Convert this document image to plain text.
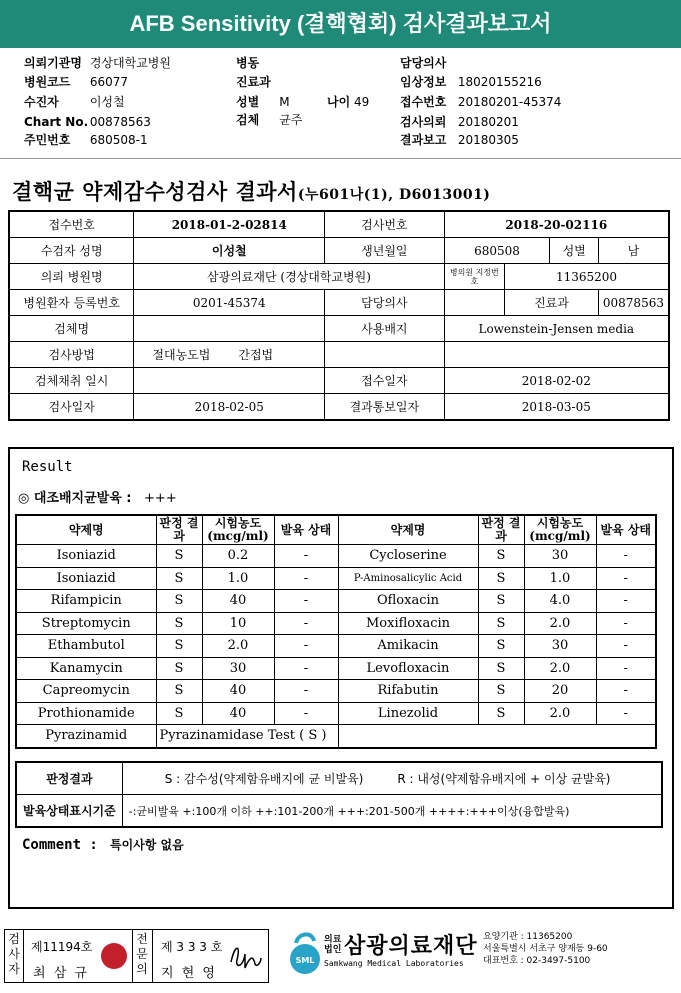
AFB Sensitivity (결핵협회) 검사결과보고서
의뢰기관명 경상대학교병원
병원코드 66077
수진자	이성철
Chart No. 00878563
주민번호 680508-1
병동
진료과
성별 M	나이 49
검체 균주
담당의사
임상정보 18020155216
접수번호 20180201-45374
검사의뢰 20180201
결과보고 20180305
결핵균 약제감수성검사 결과서(누601나(1), D6013001)
접수번호	2018-01-2-02814	검사번호	2018-20-02116			
수검자 성명	이성철	생년월일	680508		성별	남
의뢰 병원명	삼광의료재단 (경상대학교병원)		병의원 지정번호	11365200		
병원환자 등록번호	0201-45374	담당의사		진료과		00878563
검체명		사용배지	Lowenstein-Jensen media			
검사방법	절대농도법 간접법					
검체채취 일시		접수일자	2018-02-02			
검사일자	2018-02-05	결과통보일자	2018-03-05			
Result
◎ 대조배지균발육 : +++
약제명	판정 결과	시험농도 (mcg/ml)	발육 상태	약제명	판정 결과	시험농도 (mcg/ml)	발육 상태
Isoniazid	S	0.2	-	Cycloserine	S	30	-
Isoniazid	S	1.0	-	P-Aminosalicylic Acid	S	1.0	-
Rifampicin	S	40	-	Ofloxacin	S	4.0	-
Streptomycin	S	10	-	Moxifloxacin	S	2.0	-
Ethambutol	S	2.0	-	Amikacin	S	30	-
Kanamycin	S	30	-	Levofloxacin	S	2.0	-
Capreomycin	S	40	-	Rifabutin	S	20	-
Prothionamide	S	40	-	Linezolid	S	2.0	-
Pyrazinamid	Pyrazinamidase Test ( S )						
판정결과	S : 감수성(약제함유배지에 균 비발육) R : 내성(약제함유배지에 + 이상 균발육)
발육상태표시기준	-:균비발육 +:100개 이하 ++:101-200개 +++:201-500개 ++++:+++이상(융합발육)
Comment : 특이사항 없음
검사자
제11194호
최 삼 규
전문의
제 3 3 3 호
지 현 영
SML
의료 법인 삼광의료재단
Samkwang Medical Laboratories
요양기관 : 11365200
서울특별시 서초구 양재동 9-60
대표번호 : 02-3497-5100
